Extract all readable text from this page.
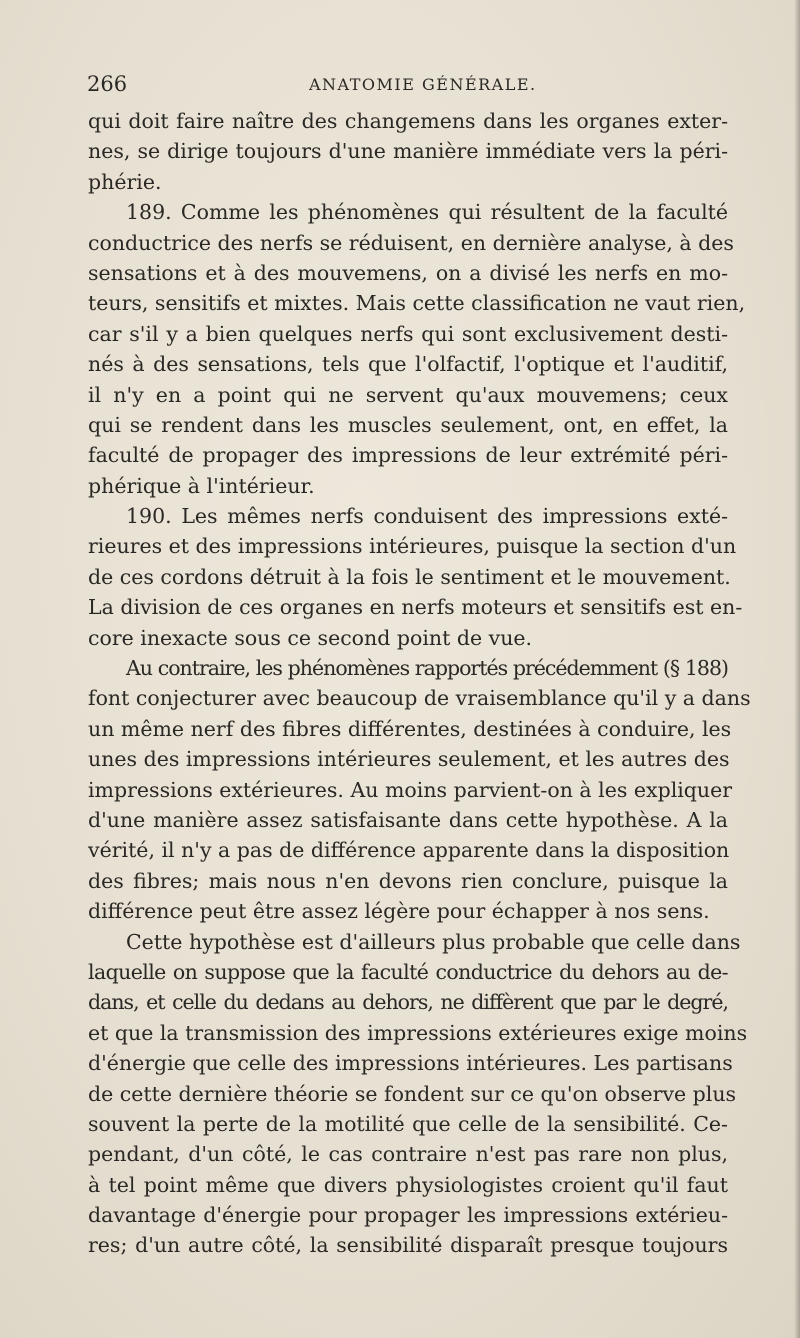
266	ANATOMIE GÉNÉRALE.
qui doit faire naître des changemens dans les organes exter-
nes, se dirige toujours d'une manière immédiate vers la péri-
phérie.
189. Comme les phénomènes qui résultent de la faculté
conductrice des nerfs se réduisent, en dernière analyse, à des
sensations et à des mouvemens, on a divisé les nerfs en mo-
teurs, sensitifs et mixtes. Mais cette classification ne vaut rien,
car s'il y a bien quelques nerfs qui sont exclusivement desti-
nés à des sensations, tels que l'olfactif, l'optique et l'auditif,
il n'y en a point qui ne servent qu'aux mouvemens; ceux
qui se rendent dans les muscles seulement, ont, en effet, la
faculté de propager des impressions de leur extrémité péri-
phérique à l'intérieur.
190. Les mêmes nerfs conduisent des impressions exté-
rieures et des impressions intérieures, puisque la section d'un
de ces cordons détruit à la fois le sentiment et le mouvement.
La division de ces organes en nerfs moteurs et sensitifs est en-
core inexacte sous ce second point de vue.
Au contraire, les phénomènes rapportés précédemment (§ 188)
font conjecturer avec beaucoup de vraisemblance qu'il y a dans
un même nerf des fibres différentes, destinées à conduire, les
unes des impressions intérieures seulement, et les autres des
impressions extérieures. Au moins parvient-on à les expliquer
d'une manière assez satisfaisante dans cette hypothèse. A la
vérité, il n'y a pas de différence apparente dans la disposition
des fibres; mais nous n'en devons rien conclure, puisque la
différence peut être assez légère pour échapper à nos sens.
Cette hypothèse est d'ailleurs plus probable que celle dans
laquelle on suppose que la faculté conductrice du dehors au de-
dans, et celle du dedans au dehors, ne diffèrent que par le degré,
et que la transmission des impressions extérieures exige moins
d'énergie que celle des impressions intérieures. Les partisans
de cette dernière théorie se fondent sur ce qu'on observe plus
souvent la perte de la motilité que celle de la sensibilité. Ce-
pendant, d'un côté, le cas contraire n'est pas rare non plus,
à tel point même que divers physiologistes croient qu'il faut
davantage d'énergie pour propager les impressions extérieu-
res; d'un autre côté, la sensibilité disparaît presque toujours
